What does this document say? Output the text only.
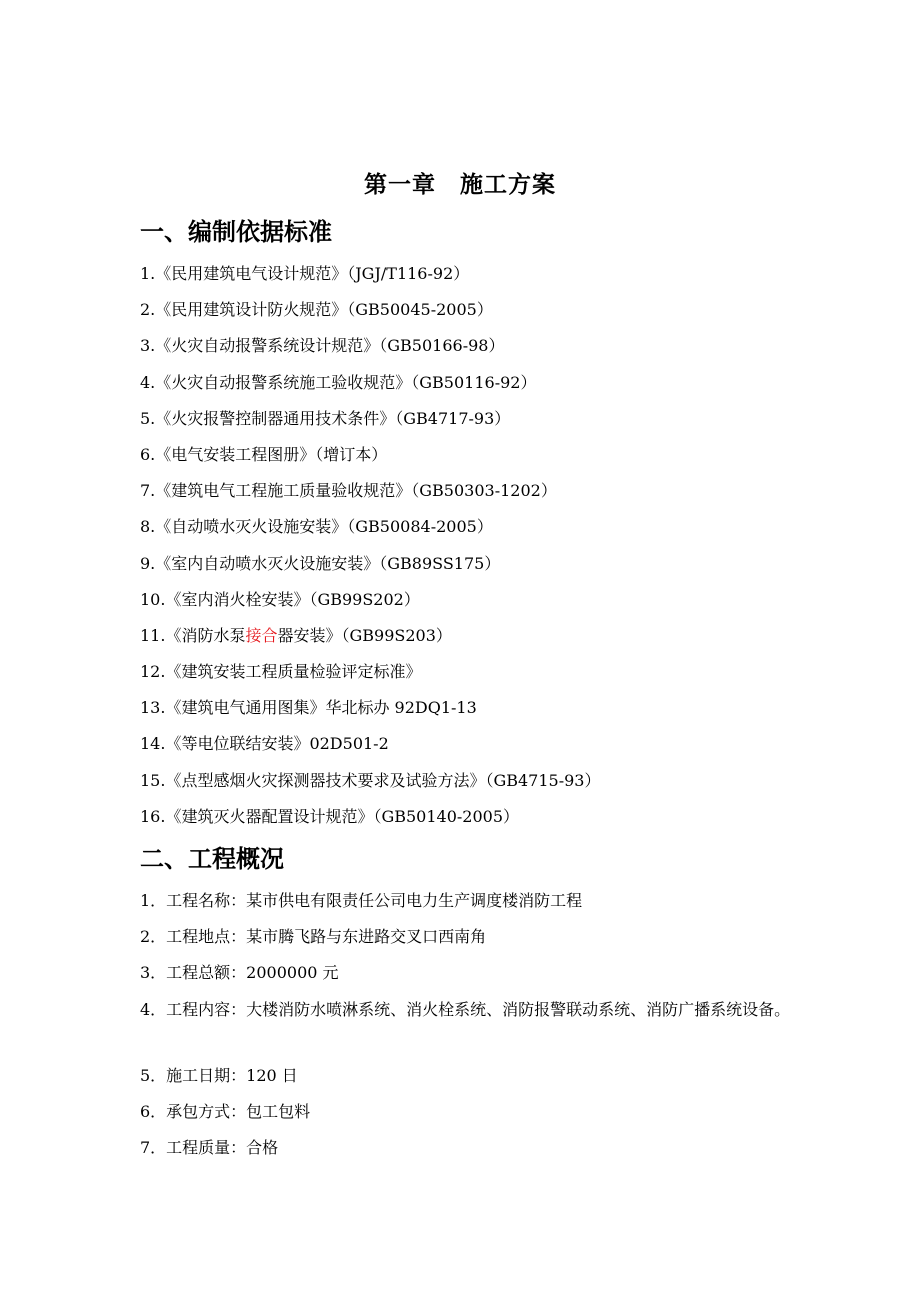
第一章　施工方案
一、编制依据标准
1.《民用建筑电气设计规范》（JGJ/T116-92）
2.《民用建筑设计防火规范》（GB50045-2005）
3.《火灾自动报警系统设计规范》（GB50166-98）
4.《火灾自动报警系统施工验收规范》（GB50116-92）
5.《火灾报警控制器通用技术条件》（GB4717-93）
6.《电气安装工程图册》（增订本）
7.《建筑电气工程施工质量验收规范》（GB50303-1202）
8.《自动喷水灭火设施安装》（GB50084-2005）
9.《室内自动喷水灭火设施安装》（GB89SS175）
10.《室内消火栓安装》（GB99S202）
11.《消防水泵接合器安装》（GB99S203）
12.《建筑安装工程质量检验评定标准》
13.《建筑电气通用图集》华北标办 92DQ1-13
14.《等电位联结安装》02D501-2
15.《点型感烟火灾探测器技术要求及试验方法》（GB4715-93）
16.《建筑灭火器配置设计规范》（GB50140-2005）
二、工程概况
1．工程名称：某市供电有限责任公司电力生产调度楼消防工程
2．工程地点：某市腾飞路与东进路交叉口西南角
3．工程总额：2000000 元
4．工程内容：大楼消防水喷淋系统、消火栓系统、消防报警联动系统、消防广播系统设备。
5．施工日期：120 日
6．承包方式：包工包料
7．工程质量：合格
